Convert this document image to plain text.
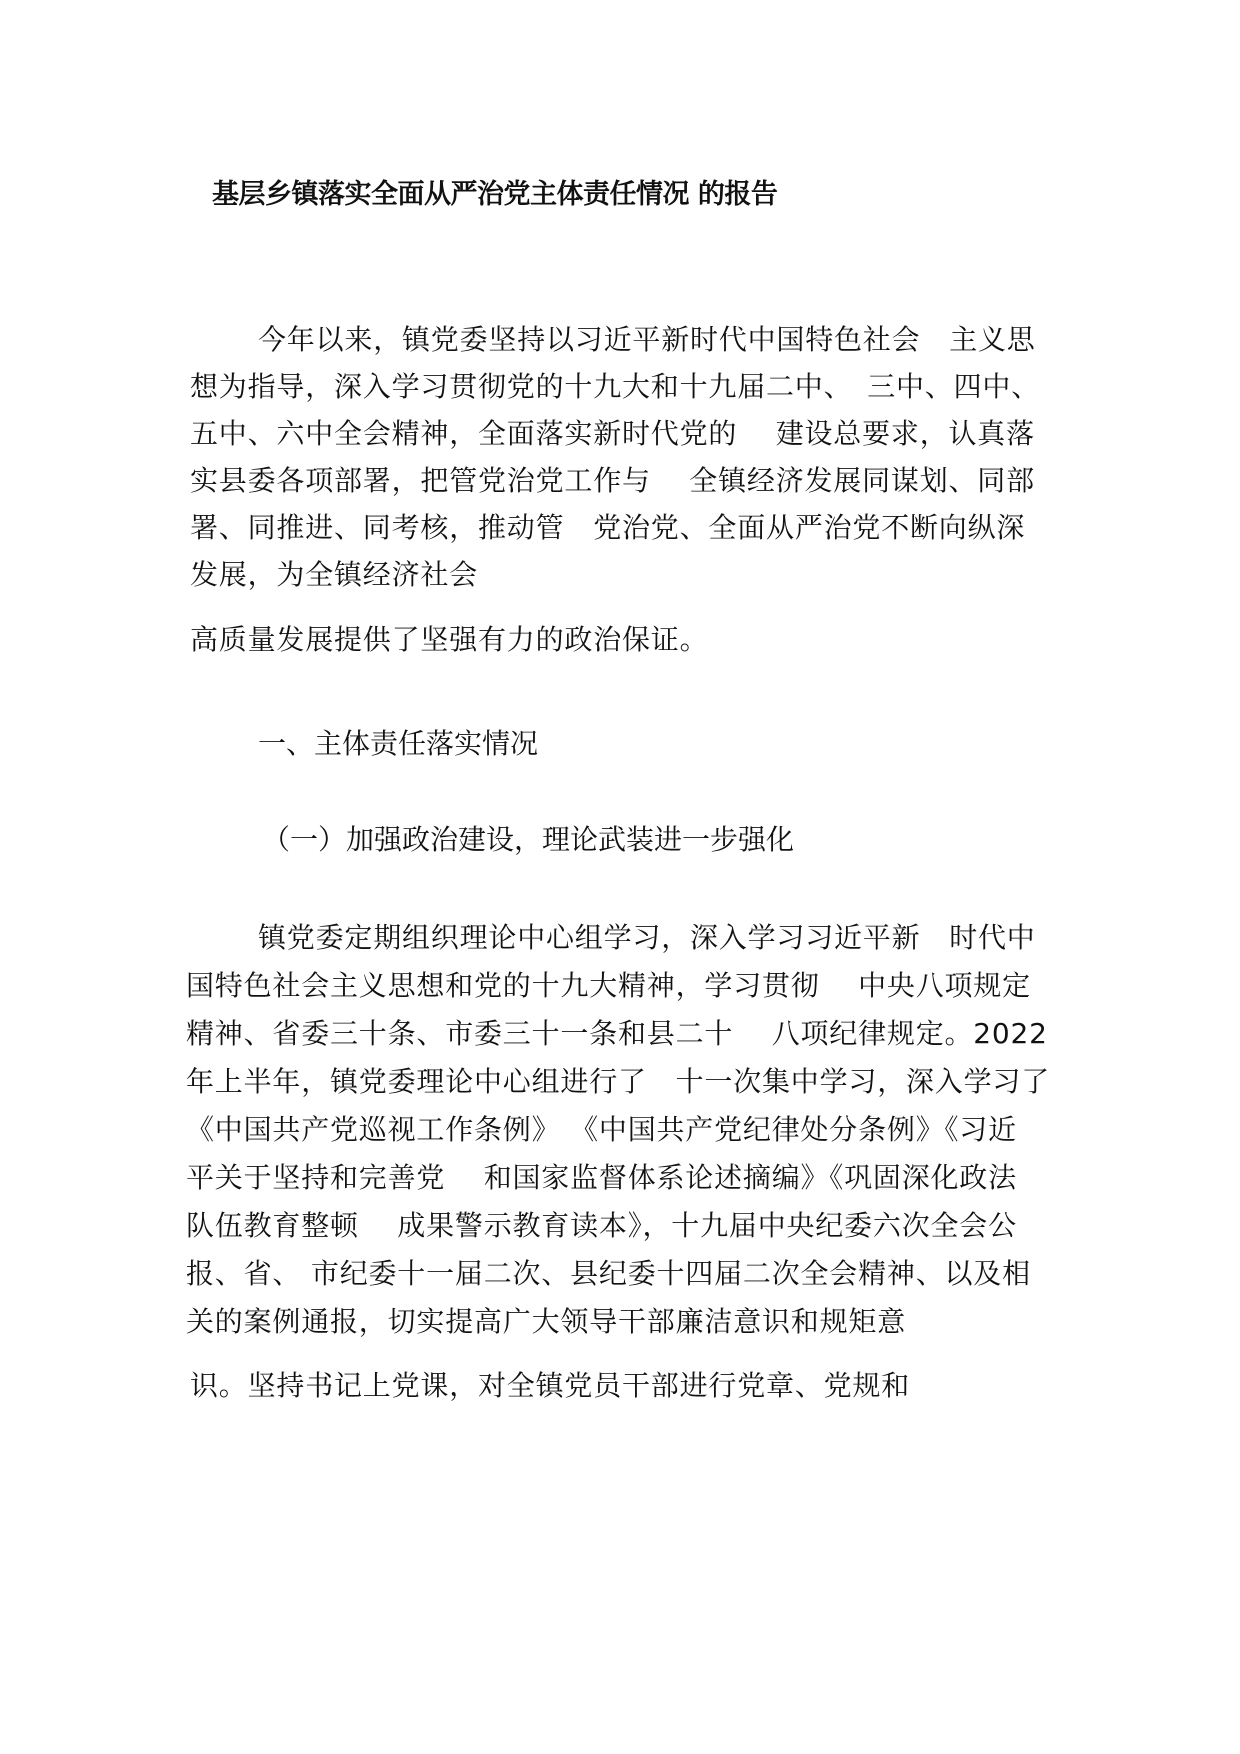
基层乡镇落实全面从严治党主体责任情况 的报告
今年以来，镇党委坚持以习近平新时代中国特色社会　主义思
想为指导，深入学习贯彻党的十九大和十九届二中、　三中、四中、
五中、六中全会精神，全面落实新时代党的　 建设总要求，认真落
实县委各项部署，把管党治党工作与　 全镇经济发展同谋划、同部
署、同推进、同考核，推动管　党治党、全面从严治党不断向纵深
发展，为全镇经济社会
高质量发展提供了坚强有力的政治保证。
一、主体责任落实情况
（一）加强政治建设，理论武装进一步强化
镇党委定期组织理论中心组学习，深入学习习近平新　时代中
国特色社会主义思想和党的十九大精神，学习贯彻　 中央八项规定
精神、省委三十条、市委三十一条和县二十　 八项纪律规定。2022
年上半年，镇党委理论中心组进行了　十一次集中学习，深入学习了
《中国共产党巡视工作条例》 《中国共产党纪律处分条例》《习近
平关于坚持和完善党　 和国家监督体系论述摘编》《巩固深化政法
队伍教育整顿　 成果警示教育读本》，十九届中央纪委六次全会公
报、省、 市纪委十一届二次、县纪委十四届二次全会精神、以及相
关的案例通报，切实提高广大领导干部廉洁意识和规矩意
识。坚持书记上党课，对全镇党员干部进行党章、党规和
